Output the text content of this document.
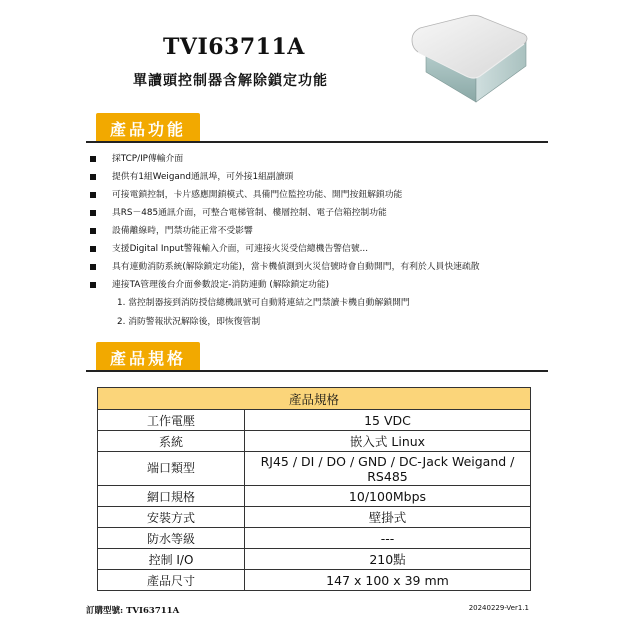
TVI63711A
單讀頭控制器含解除鎖定功能
產品功能
採TCP/IP傳輸介面
提供有1組Weigand通訊埠，可外接1組副讀頭
可接電鎖控制，卡片感應開鎖模式、具備門位監控功能、開門按鈕解鎖功能
具RS－485通訊介面，可整合電梯管制、樓層控制、電子信箱控制功能
設備離線時，門禁功能正常不受影響
支援Digital Input警報輸入介面，可連接火災受信總機告警信號...
具有連動消防系統(解除鎖定功能)，當卡機偵測到火災信號時會自動開門，有利於人員快速疏散
連接TA管理後台介面參數設定-消防連動 (解除鎖定功能)
1. 當控制器接到消防授信總機訊號可自動將連結之門禁讀卡機自動解鎖開門
2. 消防警報狀況解除後，即恢復管制
產品規格
產品規格	
工作電壓	15 VDC
系統	嵌入式 Linux
端口類型	RJ45 / DI / DO / GND / DC-Jack Weigand / RS485
網口規格	10/100Mbps
安裝方式	壁掛式
防水等級	---
控制 I/O	210點
產品尺寸	147 x 100 x 39 mm
訂購型號: TVI63711A	20240229-Ver1.1
